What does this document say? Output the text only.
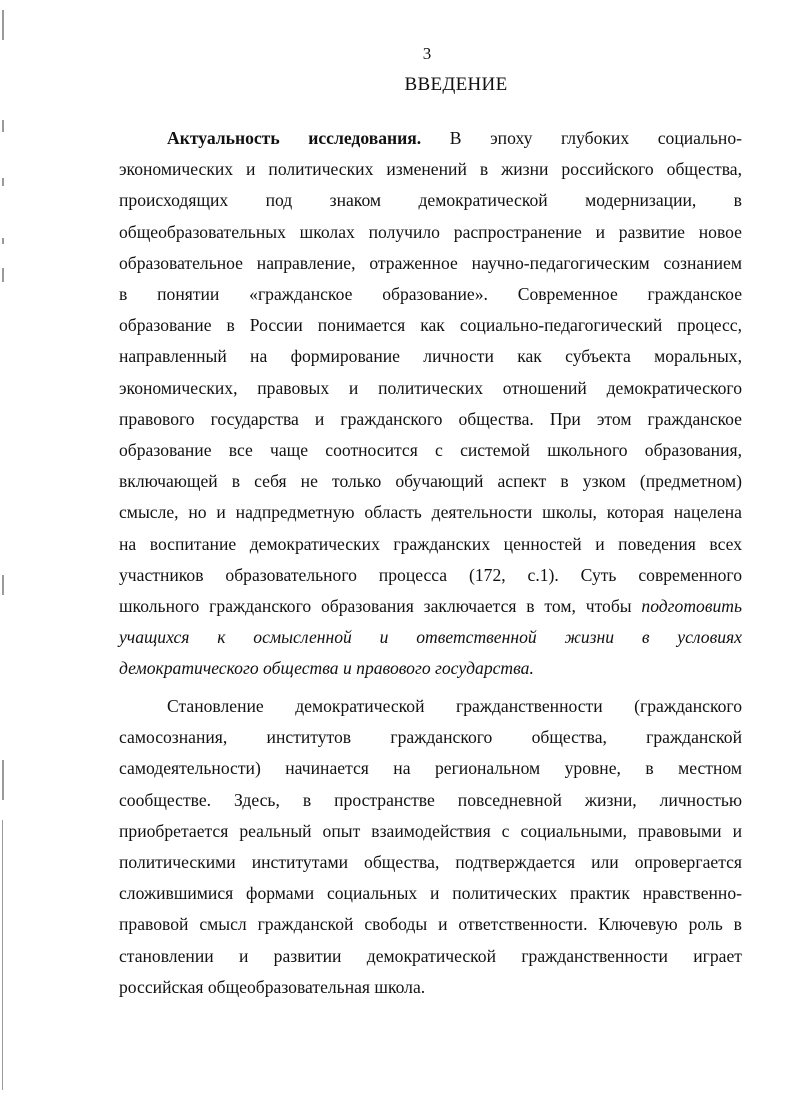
3
ВВЕДЕНИЕ
Актуальность исследования. В эпоху глубоких социально-
экономических и политических изменений в жизни российского общества,
происходящих под знаком демократической модернизации, в
общеобразовательных школах получило распространение и развитие новое
образовательное направление, отраженное научно-педагогическим сознанием
в понятии «гражданское образование». Современное гражданское
образование в России понимается как социально-педагогический процесс,
направленный на формирование личности как субъекта моральных,
экономических, правовых и политических отношений демократического
правового государства и гражданского общества. При этом гражданское
образование все чаще соотносится с системой школьного образования,
включающей в себя не только обучающий аспект в узком (предметном)
смысле, но и надпредметную область деятельности школы, которая нацелена
на воспитание демократических гражданских ценностей и поведения всех
участников образовательного процесса (172, с.1). Суть современного
школьного гражданского образования заключается в том, чтобы подготовить
учащихся к осмысленной и ответственной жизни в условиях
демократического общества и правового государства.
Становление демократической гражданственности (гражданского
самосознания, институтов гражданского общества, гражданской
самодеятельности) начинается на региональном уровне, в местном
сообществе. Здесь, в пространстве повседневной жизни, личностью
приобретается реальный опыт взаимодействия с социальными, правовыми и
политическими институтами общества, подтверждается или опровергается
сложившимися формами социальных и политических практик нравственно-
правовой смысл гражданской свободы и ответственности. Ключевую роль в
становлении и развитии демократической гражданственности играет
российская общеобразовательная школа.
